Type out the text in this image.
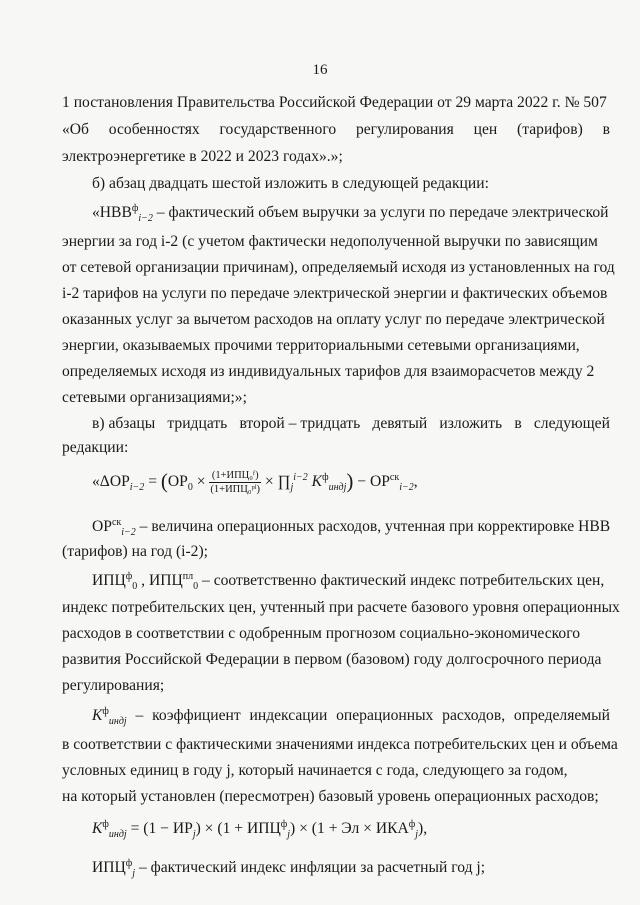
16
1 постановления Правительства Российской Федерации от 29 марта 2022 г. № 507
«Об особенностях государственного регулирования цен (тарифов) в
электроэнергетике в 2022 и 2023 годах».»;
б) абзац двадцать шестой изложить в следующей редакции:
«$НВВ^ф_{i-2}$ – фактический объем выручки за услуги по передаче электрической
энергии за год i-2 (с учетом фактически недополученной выручки по зависящим
от сетевой организации причинам), определяемый исходя из установленных на год
i-2 тарифов на услуги по передаче электрической энергии и фактических объемов
оказанных услуг за вычетом расходов на оплату услуг по передаче электрической
энергии, оказываемых прочими территориальными сетевыми организациями,
определяемых исходя из индивидуальных тарифов для взаиморасчетов между 2
сетевыми организациями;»;
в) абзацы тридцать второй – тридцать девятый изложить в следующей
редакции:
«$\Delta ОР_{i-2} = (ОР_0 \times \frac{\text{(1+ИПЦ₀ᶠ)}}{\text{(1+ИПЦ₀ᵖˡ)}}$ × $\prod_j^{i-2}$ $K^ф_{индj}) - ОР^{ск}_{i-2}$,
$ОР^{ск}_{i-2}$ – величина операционных расходов, учтенная при корректировке НВВ
(тарифов) на год (i-2);
$ИПЦ^ф_0$ , $ИПЦ^{пл}_0$ – соответственно фактический индекс потребительских цен,
индекс потребительских цен, учтенный при расчете базового уровня операционных
расходов в соответствии с одобренным прогнозом социально-экономического
развития Российской Федерации в первом (базовом) году долгосрочного периода
регулирования;
$K^ф_{индj}$ – коэффициент индексации операционных расходов, определяемый
в соответствии с фактическими значениями индекса потребительских цен и объема
условных единиц в году j, который начинается с года, следующего за годом,
на который установлен (пересмотрен) базовый уровень операционных расходов;
$K^ф_{индj} = (1 - ИР_j) \times (1 + ИПЦ^ф_j) \times (1$ + Эл × $ИКА^ф_j$),
$ИПЦ^ф_j$ – фактический индекс инфляции за расчетный год j;
